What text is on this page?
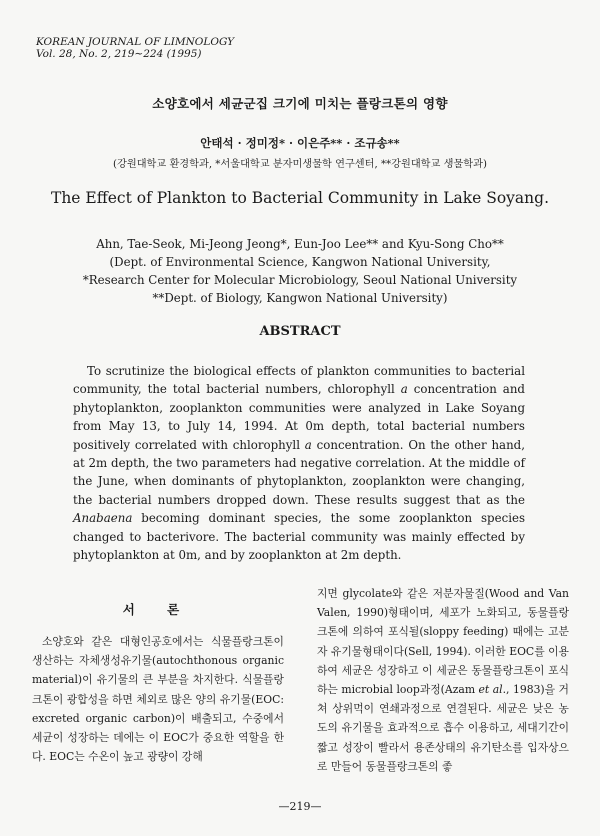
KOREAN JOURNAL OF LIMNOLOGY
Vol. 28, No. 2, 219∼224 (1995)
소양호에서 세균군집 크기에 미치는 플랑크톤의 영향
안태석 · 정미정* · 이은주** · 조규송**
(강원대학교 환경학과, *서울대학교 분자미생물학 연구센터, **강원대학교 생물학과)
The Effect of Plankton to Bacterial Community in Lake Soyang.
Ahn, Tae-Seok, Mi-Jeong Jeong*, Eun-Joo Lee** and Kyu-Song Cho**
(Dept. of Environmental Science, Kangwon National University,
*Research Center for Molecular Microbiology, Seoul National University
**Dept. of Biology, Kangwon National University)
ABSTRACT

To scrutinize the biological effects of plankton communities to bacterial community, the total bacterial numbers, chlorophyll a concentration and phytoplankton, zooplankton communities were analyzed in Lake Soyang from May 13, to July 14, 1994. At 0m depth, total bacterial numbers positively correlated with chlorophyll a concentration. On the other hand, at 2m depth, the two parameters had negative correlation. At the middle of the June, when dominants of phytoplankton, zooplankton were changing, the bacterial numbers dropped down. These results suggest that as the Anabaena becoming dominant species, the some zooplankton species changed to bacterivore. The bacterial community was mainly effected by phytoplankton at 0m, and by zooplankton at 2m depth.

서 론

소양호와 같은 대형인공호에서는 식물플랑크톤이 생산하는 자체생성유기물(autochthonous organic material)이 유기물의 큰 부분을 차지한다. 식물플랑크톤이 광합성을 하면 체외로 많은 양의 유기물(EOC: excreted organic carbon)이 배출되고, 수중에서 세균이 성장하는 데에는 이 EOC가 중요한 역할을 한다. EOC는 수온이 높고 광량이 강해

지면 glycolate와 같은 저분자물질(Wood and Van Valen, 1990)형태이며, 세포가 노화되고, 동물플랑크톤에 의하여 포식될(sloppy feeding) 때에는 고분자 유기물형태이다(Sell, 1994). 이러한 EOC를 이용하여 세균은 성장하고 이 세균은 동물플랑크톤이 포식하는 microbial loop과정(Azam et al., 1983)을 거쳐 상위먹이 연쇄과정으로 연결된다. 세균은 낮은 농도의 유기물을 효과적으로 흡수 이용하고, 세대기간이 짧고 성장이 빨라서 용존상태의 유기탄소를 입자상으로 만들어 동물플랑크톤의 좋

—219—
